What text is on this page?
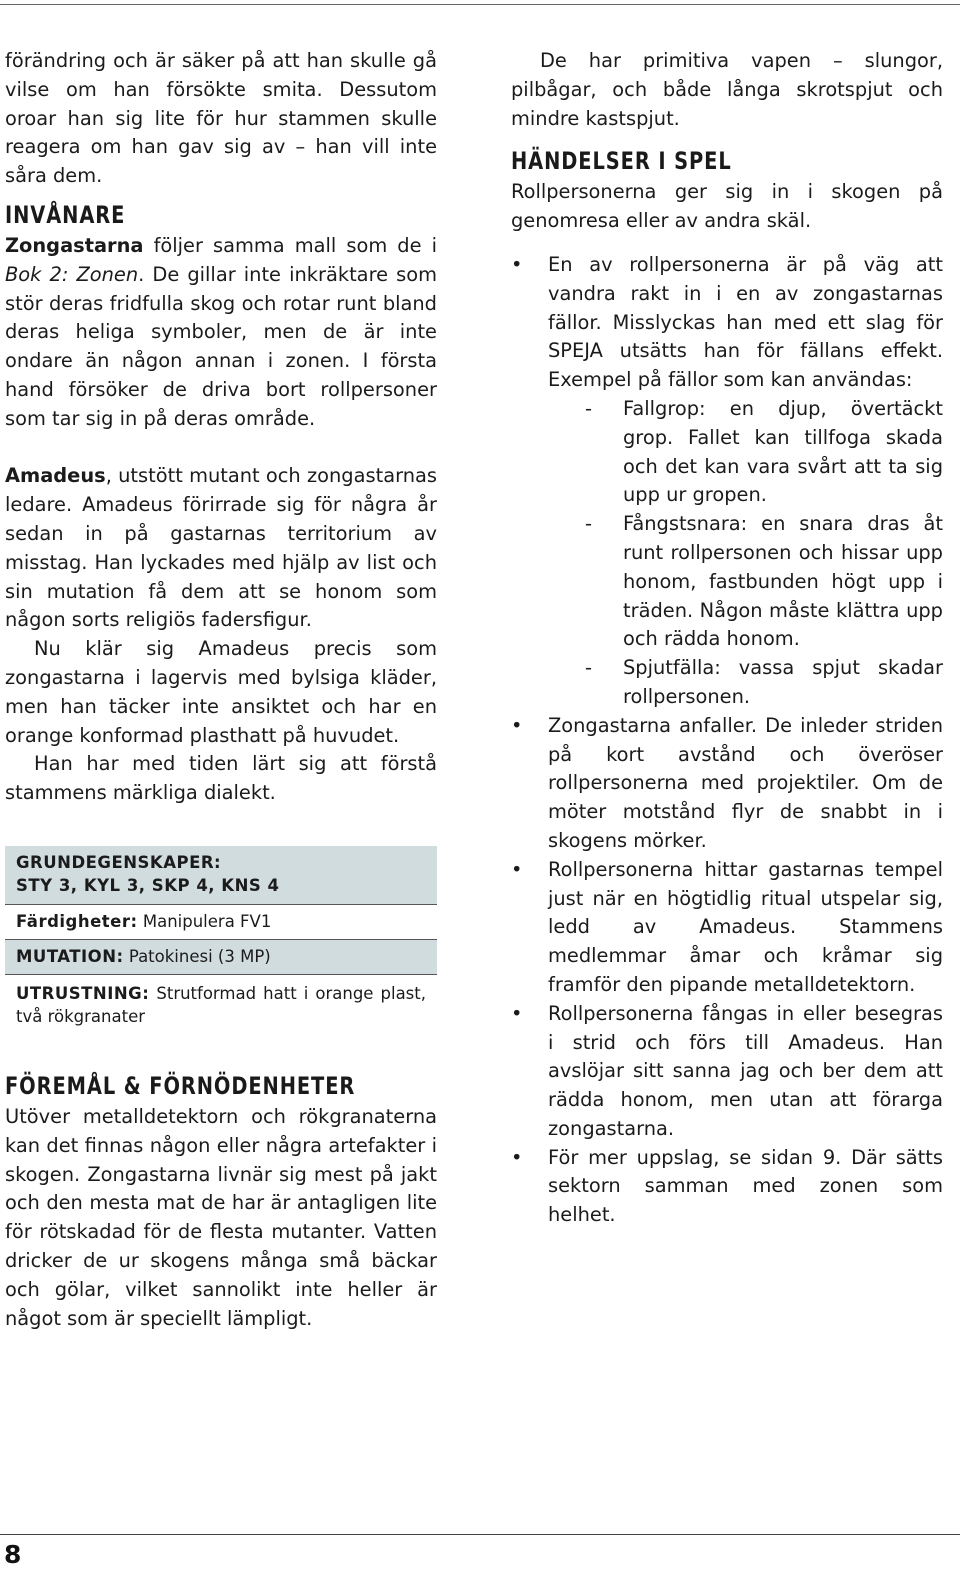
förändring och är säker på att han skulle gå vilse om han försökte smita. Dessutom oroar han sig lite för hur stammen skulle reagera om han gav sig av – han vill inte såra dem.

INVÅNARE

Zongastarna följer samma mall som de i Bok 2: Zonen. De gillar inte inkräktare som stör deras fridfulla skog och rotar runt bland deras heliga symboler, men de är inte ondare än någon annan i zonen. I första hand försöker de driva bort rollpersoner som tar sig in på deras område.

Amadeus, utstött mutant och zongastarnas ledare. Amadeus förirrade sig för några år sedan in på gastarnas territorium av misstag. Han lyckades med hjälp av list och sin mutation få dem att se honom som någon sorts religiös fadersfigur.

Nu klär sig Amadeus precis som zongastarna i lagervis med bylsiga kläder, men han täcker inte ansiktet och har en orange konformad plasthatt på huvudet.

Han har med tiden lärt sig att förstå stammens märkliga dialekt.

GRUNDEGENSKAPER:
STY 3, KYL 3, SKP 4, KNS 4
Färdigheter: Manipulera FV1
MUTATION: Patokinesi (3 MP)
UTRUSTNING: Strutformad hatt i orange plast, två rökgranater
FÖREMÅL & FÖRNÖDENHETER

Utöver metalldetektorn och rökgranaterna kan det finnas någon eller några artefakter i skogen. Zongastarna livnär sig mest på jakt och den mesta mat de har är antagligen lite för rötskadad för de flesta mutanter. Vatten dricker de ur skogens många små bäckar och gölar, vilket sannolikt inte heller är något som är speciellt lämpligt.

De har primitiva vapen – slungor, pilbågar, och både långa skrotspjut och mindre kastspjut.

HÄNDELSER I SPEL

Rollpersonerna ger sig in i skogen på genomresa eller av andra skäl.

• En av rollpersonerna är på väg att vandra rakt in i en av zongastarnas fällor. Misslyckas han med ett slag för SPEJA utsätts han för fällans effekt. Exempel på fällor som kan användas:
- Fallgrop: en djup, övertäckt grop. Fallet kan tillfoga skada och det kan vara svårt att ta sig upp ur gropen.
- Fångstsnara: en snara dras åt runt rollpersonen och hissar upp honom, fastbunden högt upp i träden. Någon måste klättra upp och rädda honom.
- Spjutfälla: vassa spjut skadar rollpersonen.
• Zongastarna anfaller. De inleder striden på kort avstånd och överöser rollpersonerna med projektiler. Om de möter motstånd flyr de snabbt in i skogens mörker.
• Rollpersonerna hittar gastarnas tempel just när en högtidlig ritual utspelar sig, ledd av Amadeus. Stammens medlemmar åmar och kråmar sig framför den pipande metalldetektorn.
• Rollpersonerna fångas in eller besegras i strid och förs till Amadeus. Han avslöjar sitt sanna jag och ber dem att rädda honom, men utan att förarga zongastarna.
• För mer uppslag, se sidan 9. Där sätts sektorn samman med zonen som helhet.
8
